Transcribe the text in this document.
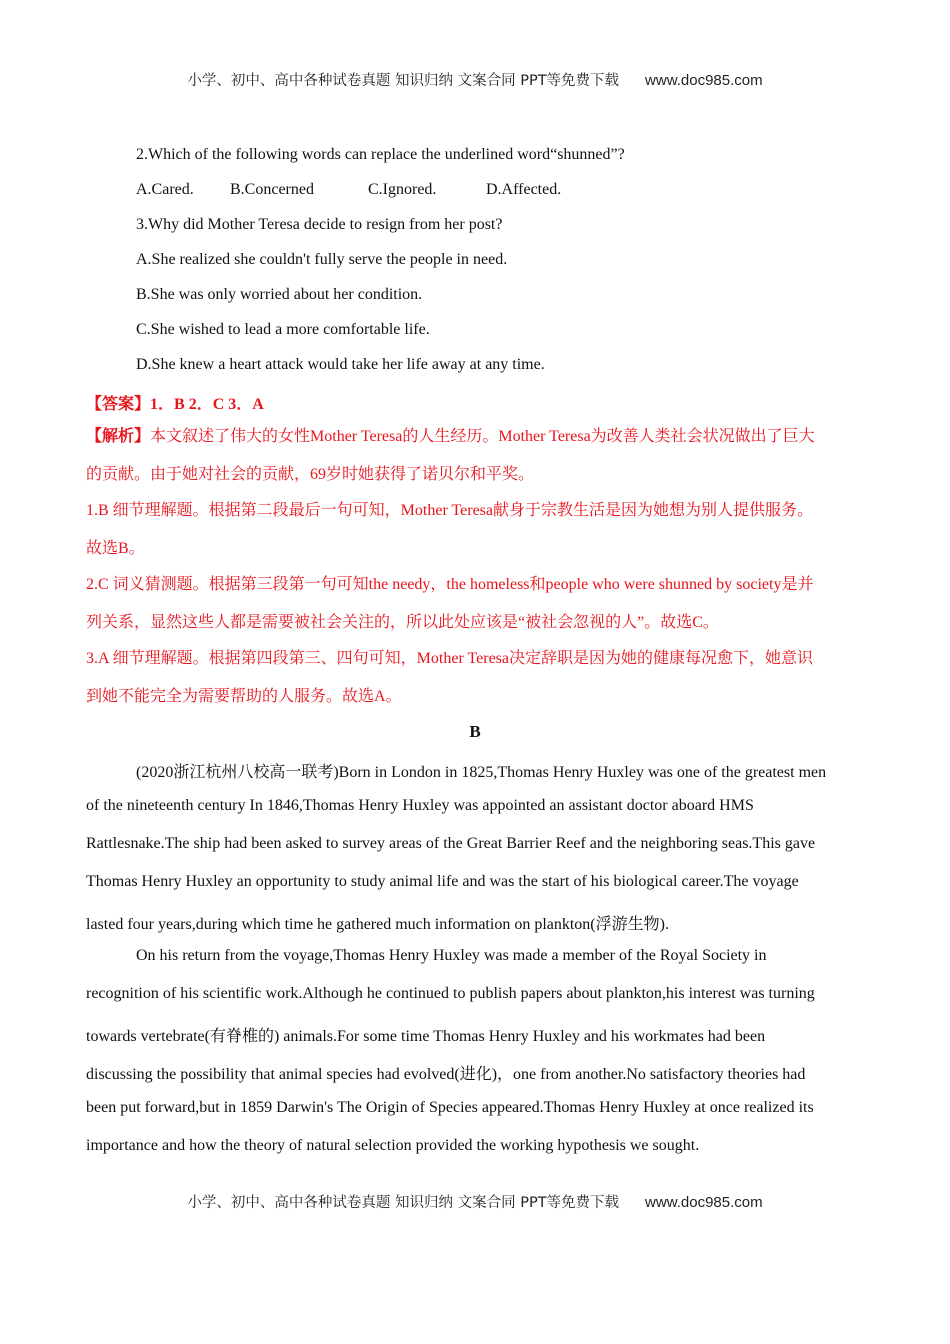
小学、初中、高中各种试卷真题 知识归纳 文案合同 PPT等免费下载 www.doc985.com
2.Which of the following words can replace the underlined word“shunned”?
A.Cared. B.Concerned	C.Ignored.	D.Affected.
3.Why did Mother Teresa decide to resign from her post?
A.She realized she couldn't fully serve the people in need.
B.She was only worried about her condition.
C.She wished to lead a more comfortable life.
D.She knew a heart attack would take her life away at any time.
【答案】1．B 2．C 3．A
【解析】本文叙述了伟大的女性Mother Teresa的人生经历。Mother Teresa为改善人类社会状况做出了巨大
的贡献。由于她对社会的贡献，69岁时她获得了诺贝尔和平奖。
1.B 细节理解题。根据第二段最后一句可知，Mother Teresa献身于宗教生活是因为她想为别人提供服务。
故选B。
2.C 词义猜测题。根据第三段第一句可知the needy，the homeless和people who were shunned by society是并
列关系，显然这些人都是需要被社会关注的，所以此处应该是“被社会忽视的人”。故选C。
3.A 细节理解题。根据第四段第三、四句可知，Mother Teresa决定辞职是因为她的健康每况愈下，她意识
到她不能完全为需要帮助的人服务。故选A。
B
(2020浙江杭州八校高一联考)Born in London in 1825,Thomas Henry Huxley was one of the greatest men
of the nineteenth century In 1846,Thomas Henry Huxley was appointed an assistant doctor aboard HMS
Rattlesnake.The ship had been asked to survey areas of the Great Barrier Reef and the neighboring seas.This gave
Thomas Henry Huxley an opportunity to study animal life and was the start of his biological career.The voyage
lasted four years,during which time he gathered much information on plankton(浮游生物).
On his return from the voyage,Thomas Henry Huxley was made a member of the Royal Society in
recognition of his scientific work.Although he continued to publish papers about plankton,his interest was turning
towards vertebrate(有脊椎的) animals.For some time Thomas Henry Huxley and his workmates had been
discussing the possibility that animal species had evolved(进化)，one from another.No satisfactory theories had
been put forward,but in 1859 Darwin's The Origin of Species appeared.Thomas Henry Huxley at once realized its
importance and how the theory of natural selection provided the working hypothesis we sought.
小学、初中、高中各种试卷真题 知识归纳 文案合同 PPT等免费下载 www.doc985.com
